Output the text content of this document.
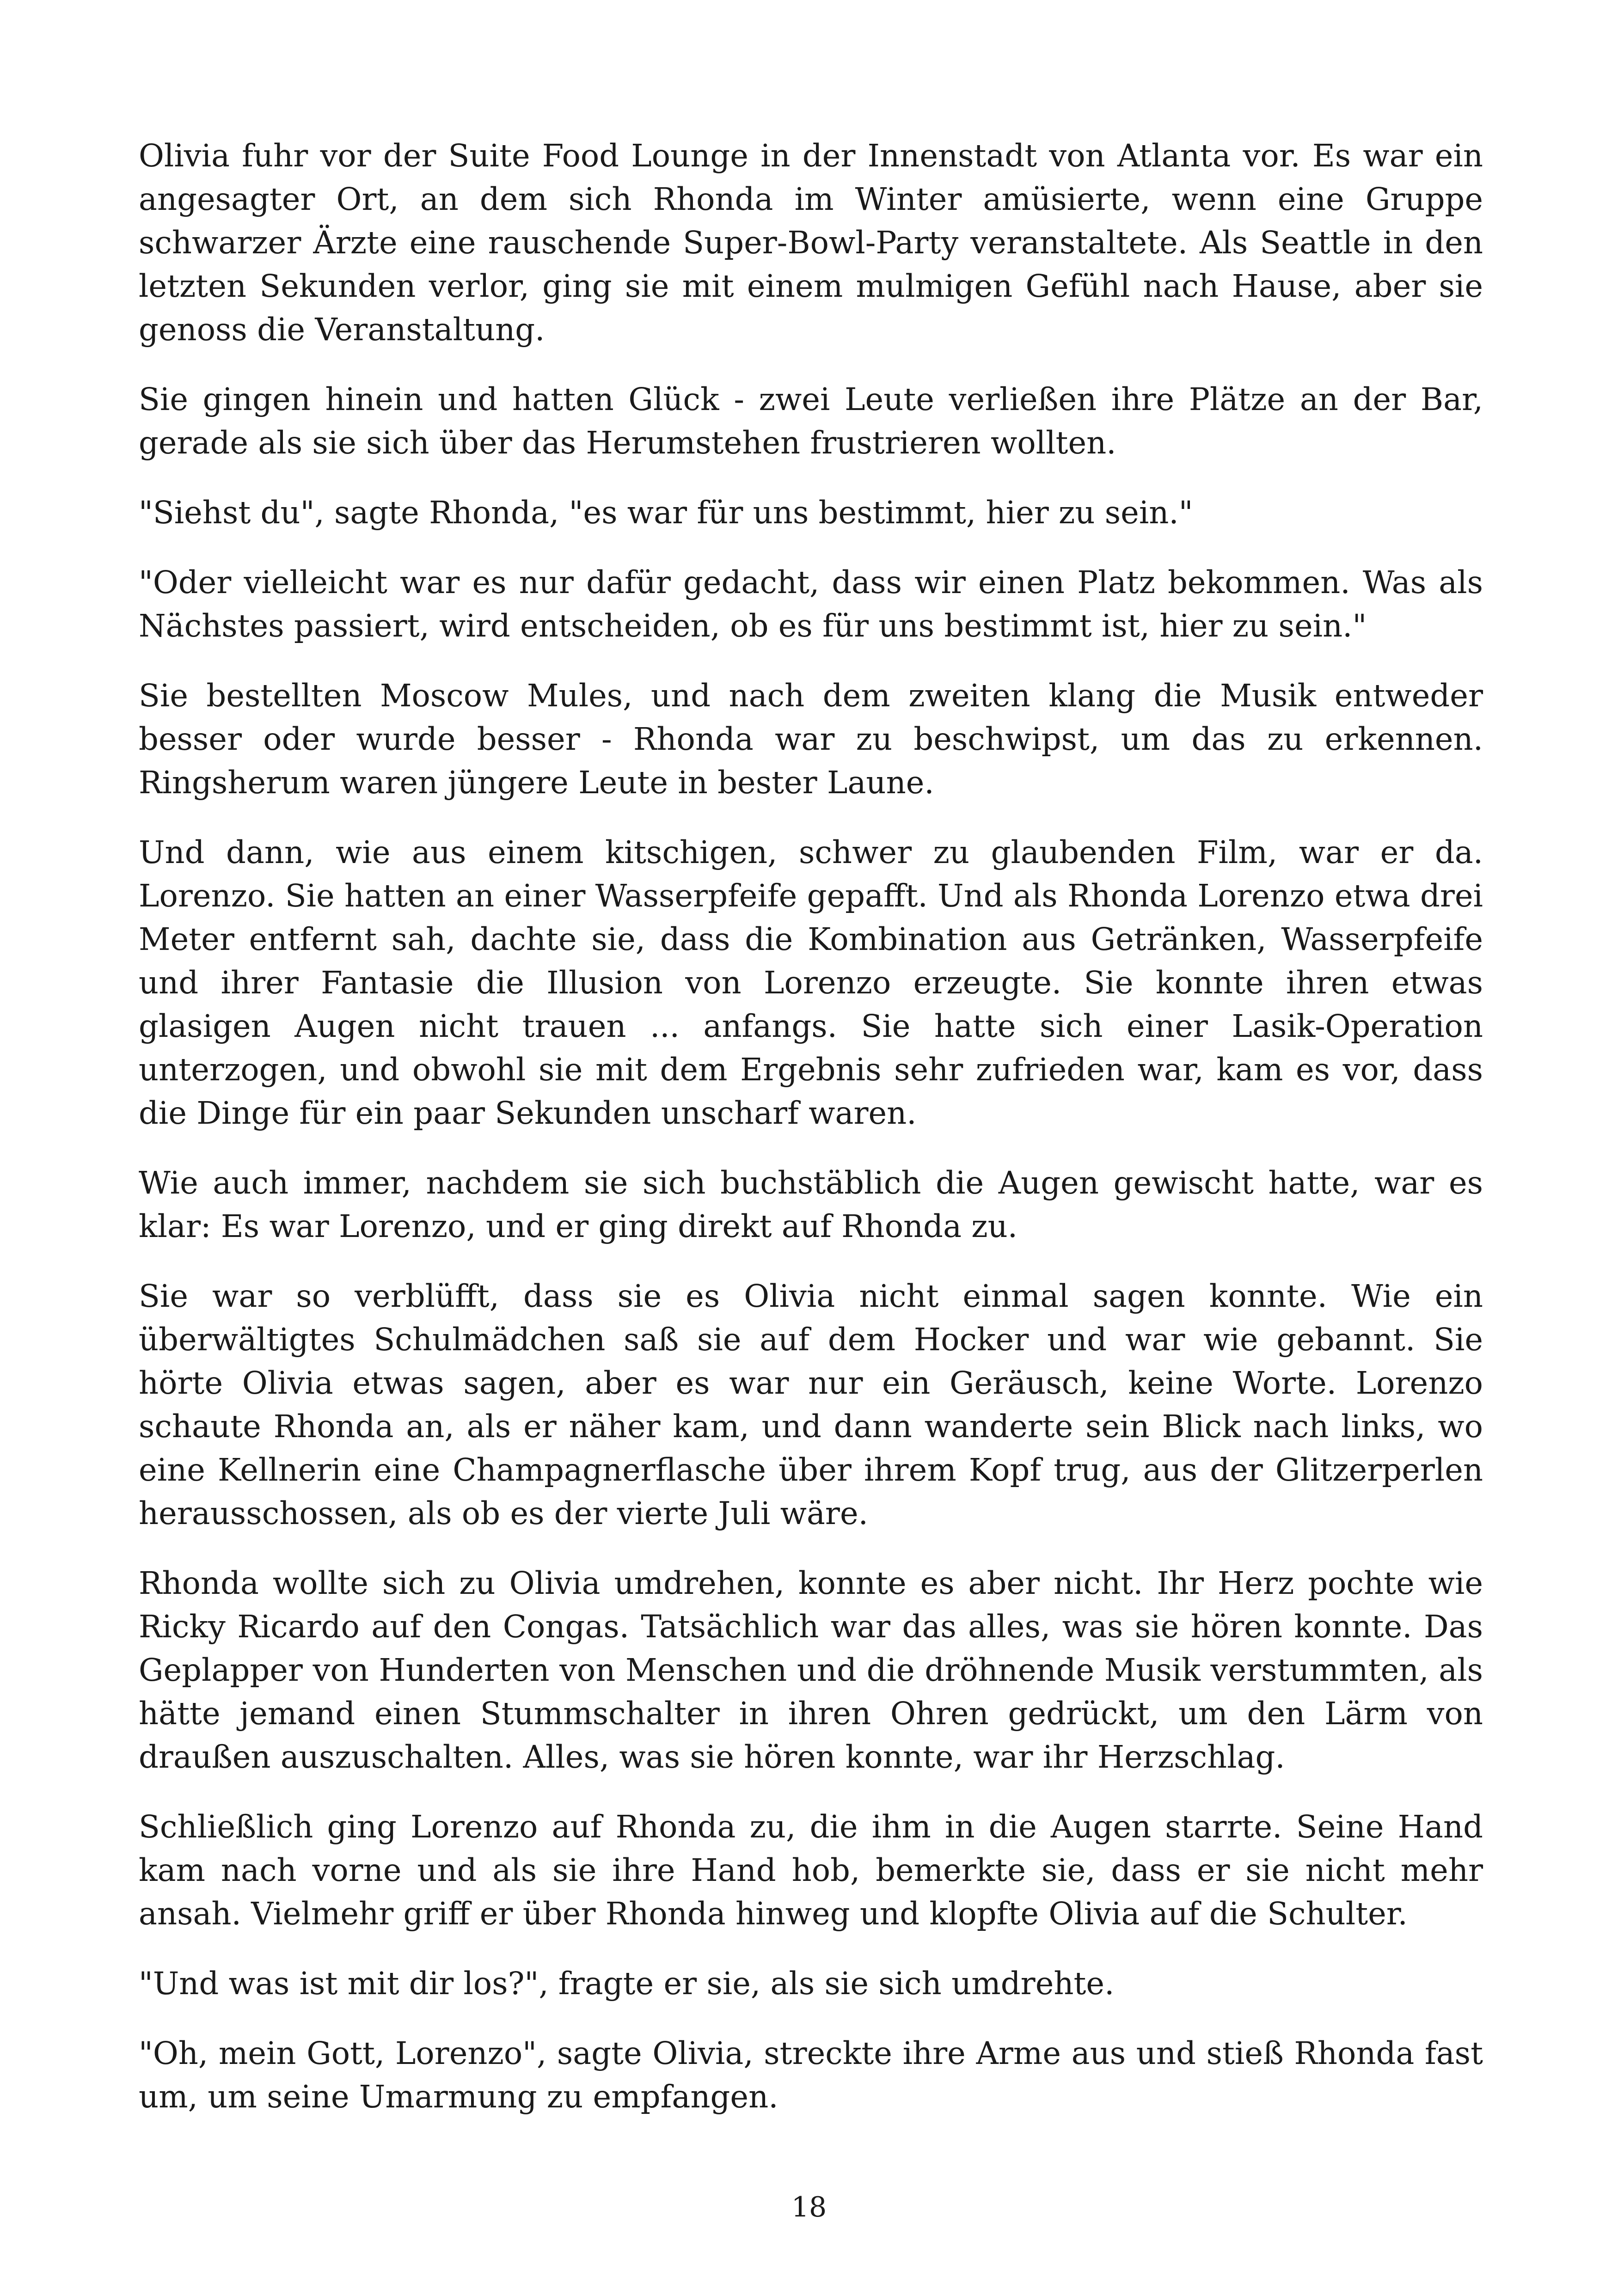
Olivia fuhr vor der Suite Food Lounge in der Innenstadt von Atlanta vor. Es war ein angesagter Ort, an dem sich Rhonda im Winter amüsierte, wenn eine Gruppe schwarzer Ärzte eine rauschende Super-Bowl-Party veranstaltete. Als Seattle in den letzten Sekunden verlor, ging sie mit einem mulmigen Gefühl nach Hause, aber sie genoss die Veranstaltung.

Sie gingen hinein und hatten Glück - zwei Leute verließen ihre Plätze an der Bar, gerade als sie sich über das Herumstehen frustrieren wollten.

"Siehst du", sagte Rhonda, "es war für uns bestimmt, hier zu sein."

"Oder vielleicht war es nur dafür gedacht, dass wir einen Platz bekommen. Was als Nächstes passiert, wird entscheiden, ob es für uns bestimmt ist, hier zu sein."

Sie bestellten Moscow Mules, und nach dem zweiten klang die Musik entweder besser oder wurde besser - Rhonda war zu beschwipst, um das zu erkennen. Ringsherum waren jüngere Leute in bester Laune.

Und dann, wie aus einem kitschigen, schwer zu glaubenden Film, war er da. Lorenzo. Sie hatten an einer Wasserpfeife gepafft. Und als Rhonda Lorenzo etwa drei Meter entfernt sah, dachte sie, dass die Kombination aus Getränken, Wasserpfeife und ihrer Fantasie die Illusion von Lorenzo erzeugte. Sie konnte ihren etwas glasigen Augen nicht trauen ... anfangs. Sie hatte sich einer Lasik-Operation unterzogen, und obwohl sie mit dem Ergebnis sehr zufrieden war, kam es vor, dass die Dinge für ein paar Sekunden unscharf waren.

Wie auch immer, nachdem sie sich buchstäblich die Augen gewischt hatte, war es klar: Es war Lorenzo, und er ging direkt auf Rhonda zu.

Sie war so verblüfft, dass sie es Olivia nicht einmal sagen konnte. Wie ein überwältigtes Schulmädchen saß sie auf dem Hocker und war wie gebannt. Sie hörte Olivia etwas sagen, aber es war nur ein Geräusch, keine Worte. Lorenzo schaute Rhonda an, als er näher kam, und dann wanderte sein Blick nach links, wo eine Kellnerin eine Champagnerflasche über ihrem Kopf trug, aus der Glitzerperlen herausschossen, als ob es der vierte Juli wäre.

Rhonda wollte sich zu Olivia umdrehen, konnte es aber nicht. Ihr Herz pochte wie Ricky Ricardo auf den Congas. Tatsächlich war das alles, was sie hören konnte. Das Geplapper von Hunderten von Menschen und die dröhnende Musik verstummten, als hätte jemand einen Stummschalter in ihren Ohren gedrückt, um den Lärm von draußen auszuschalten. Alles, was sie hören konnte, war ihr Herzschlag.

Schließlich ging Lorenzo auf Rhonda zu, die ihm in die Augen starrte. Seine Hand kam nach vorne und als sie ihre Hand hob, bemerkte sie, dass er sie nicht mehr ansah. Vielmehr griff er über Rhonda hinweg und klopfte Olivia auf die Schulter.

"Und was ist mit dir los?", fragte er sie, als sie sich umdrehte.

"Oh, mein Gott, Lorenzo", sagte Olivia, streckte ihre Arme aus und stieß Rhonda fast um, um seine Umarmung zu empfangen.

18
